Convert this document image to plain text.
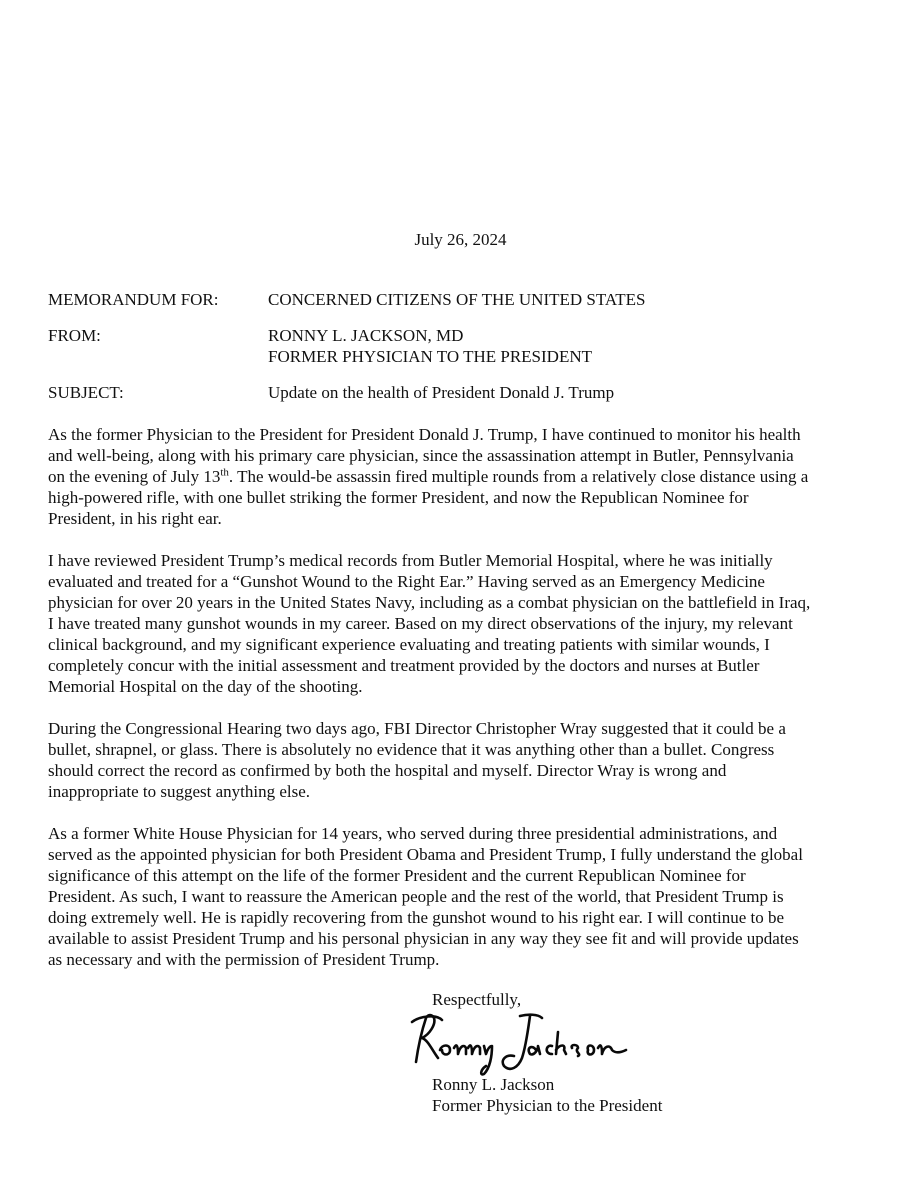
July 26, 2024
MEMORANDUM FOR:	CONCERNED CITIZENS OF THE UNITED STATES
FROM:	RONNY L. JACKSON, MD
FORMER PHYSICIAN TO THE PRESIDENT
SUBJECT:	Update on the health of President Donald J. Trump
As the former Physician to the President for President Donald J. Trump, I have continued to monitor his health
and well-being, along with his primary care physician, since the assassination attempt in Butler, Pennsylvania
on the evening of July 13th. The would-be assassin fired multiple rounds from a relatively close distance using a
high-powered rifle, with one bullet striking the former President, and now the Republican Nominee for
President, in his right ear.
I have reviewed President Trump’s medical records from Butler Memorial Hospital, where he was initially
evaluated and treated for a “Gunshot Wound to the Right Ear.” Having served as an Emergency Medicine
physician for over 20 years in the United States Navy, including as a combat physician on the battlefield in Iraq,
I have treated many gunshot wounds in my career. Based on my direct observations of the injury, my relevant
clinical background, and my significant experience evaluating and treating patients with similar wounds, I
completely concur with the initial assessment and treatment provided by the doctors and nurses at Butler
Memorial Hospital on the day of the shooting.
During the Congressional Hearing two days ago, FBI Director Christopher Wray suggested that it could be a
bullet, shrapnel, or glass. There is absolutely no evidence that it was anything other than a bullet. Congress
should correct the record as confirmed by both the hospital and myself. Director Wray is wrong and
inappropriate to suggest anything else.
As a former White House Physician for 14 years, who served during three presidential administrations, and
served as the appointed physician for both President Obama and President Trump, I fully understand the global
significance of this attempt on the life of the former President and the current Republican Nominee for
President. As such, I want to reassure the American people and the rest of the world, that President Trump is
doing extremely well. He is rapidly recovering from the gunshot wound to his right ear. I will continue to be
available to assist President Trump and his personal physician in any way they see fit and will provide updates
as necessary and with the permission of President Trump.
Respectfully,
Ronny L. Jackson
Former Physician to the President
